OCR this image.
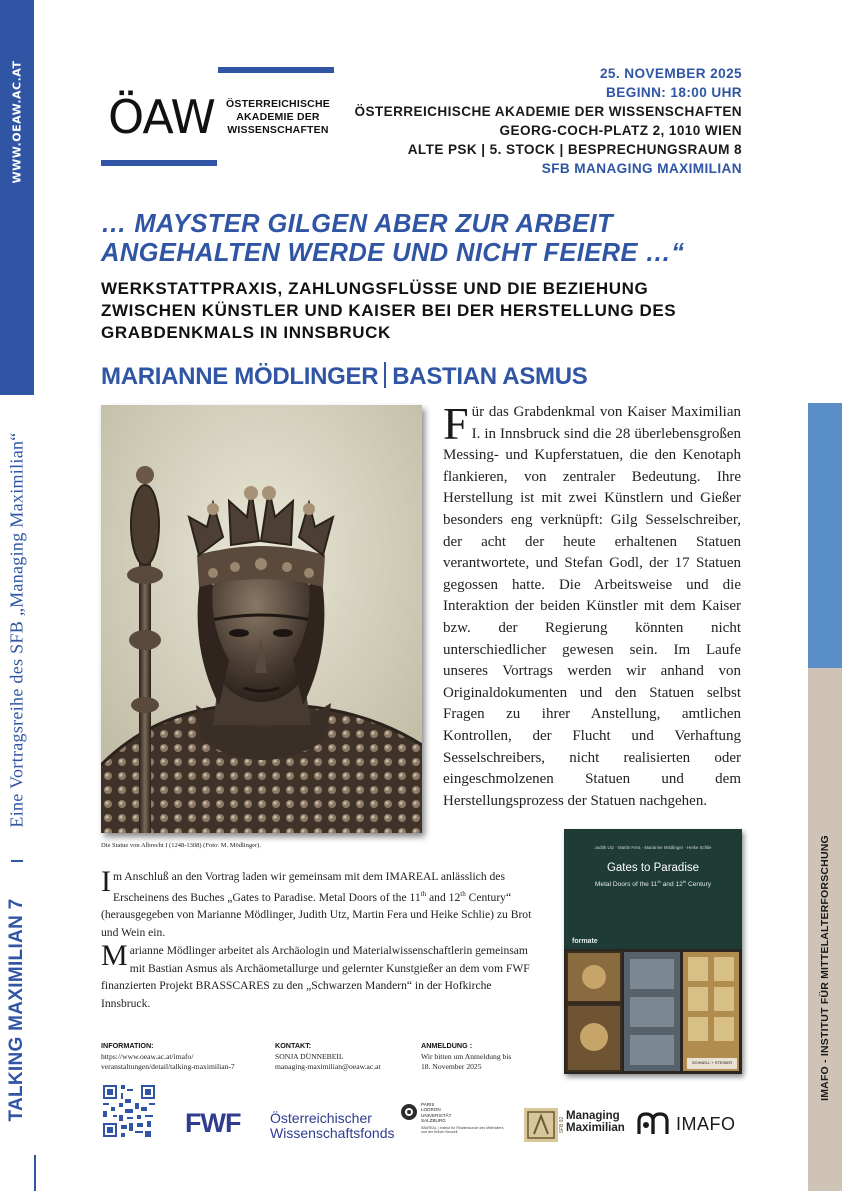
WWW.OEAW.AC.AT
Eine Vortragsreihe des SFB „Managing Maximilian“
TALKING MAXIMILIAN 7	IMAFO - INSTITUT FÜR MITTELALTERFORSCHUNG
ÖAW ÖSTERREICHISCHE
AKADEMIE DER
WISSENSCHAFTEN
25. NOVEMBER 2025
BEGINN: 18:00 UHR
ÖSTERREICHISCHE AKADEMIE DER WISSENSCHAFTEN
GEORG-COCH-PLATZ 2, 1010 WIEN
ALTE PSK | 5. STOCK | BESPRECHUNGSRAUM 8
SFB MANAGING MAXIMILIAN
… MAYSTER GILGEN ABER ZUR ARBEIT
ANGEHALTEN WERDE UND NICHT FEIERE …“
WERKSTATTPRAXIS, ZAHLUNGSFLÜSSE UND DIE BEZIEHUNG
ZWISCHEN KÜNSTLER UND KAISER BEI DER HERSTELLUNG DES
GRABDENKMALS IN INNSBRUCK
MARIANNE MÖDLINGER BASTIAN ASMUS
Die Statue von Albrecht I (1248-1308) (Foto: M. Mödlinger).
Für das Grabdenkmal von Kaiser Maximilian I. in Innsbruck sind die 28 überlebensgroßen Messing- und Kupferstatuen, die den Kenotaph flankieren, von zentraler Bedeutung. Ihre Herstellung ist mit zwei Künstlern und Gießer besonders eng verknüpft: Gilg Sesselschreiber, der acht der heute erhaltenen Statuen verantwortete, und Stefan Godl, der 17 Statuen gegossen hatte. Die Arbeitsweise und die Interaktion der beiden Künstler mit dem Kaiser bzw. der Regierung könnten nicht unterschiedlicher gewesen sein. Im Laufe unseres Vortrags werden wir anhand von Originaldokumenten und den Statuen selbst Fragen zu ihrer Anstellung, amtlichen Kontrollen, der Flucht und Verhaftung Sesselschreibers, nicht realisierten oder eingeschmolzenen Statuen und dem Herstellungsprozess der Statuen nachgehen.
Im Anschluß an den Vortrag laden wir gemeinsam mit dem IMAREAL anlässlich des Erscheinens des Buches „Gates to Paradise. Metal Doors of the 11th and 12th Century“ (herausgegeben von Marianne Mödlinger, Judith Utz, Martin Fera und Heike Schlie) zu Brot und Wein ein.
Marianne Mödlinger arbeitet als Archäologin und Materialwissenschaftlerin gemeinsam mit Bastian Asmus als Archäometallurge und gelernter Kunstgießer an dem vom FWF finanzierten Projekt BRASSCARES zu den „Schwarzen Mandern“ in der Hofkirche Innsbruck.
Judith Utz · Martin Fera · Marianne Mödlinger · Heike Schlie
Gates to Paradise
Metal Doors of the 11th and 12th Century
formate
SCHNELL + STEINER
INFORMATION:
https://www.oeaw.ac.at/imafo/
veranstaltungen/detail/talking-maximilian-7
KONTAKT:
SONJA DÜNNEBEIL
managing-maximilian@oeaw.ac.at
ANMELDUNG :
Wir bitten um Anmeldung bis
18. November 2025
FWF Österreichischer
Wissenschaftsfonds
PARIS
LODRON
UNIVERSITÄT
SALZBURG
IMAREAL | Institut für Realienkunde des Mittelalters und der frühen Neuzeit	SFB 92
Managing
Maximilian	IMAFO
